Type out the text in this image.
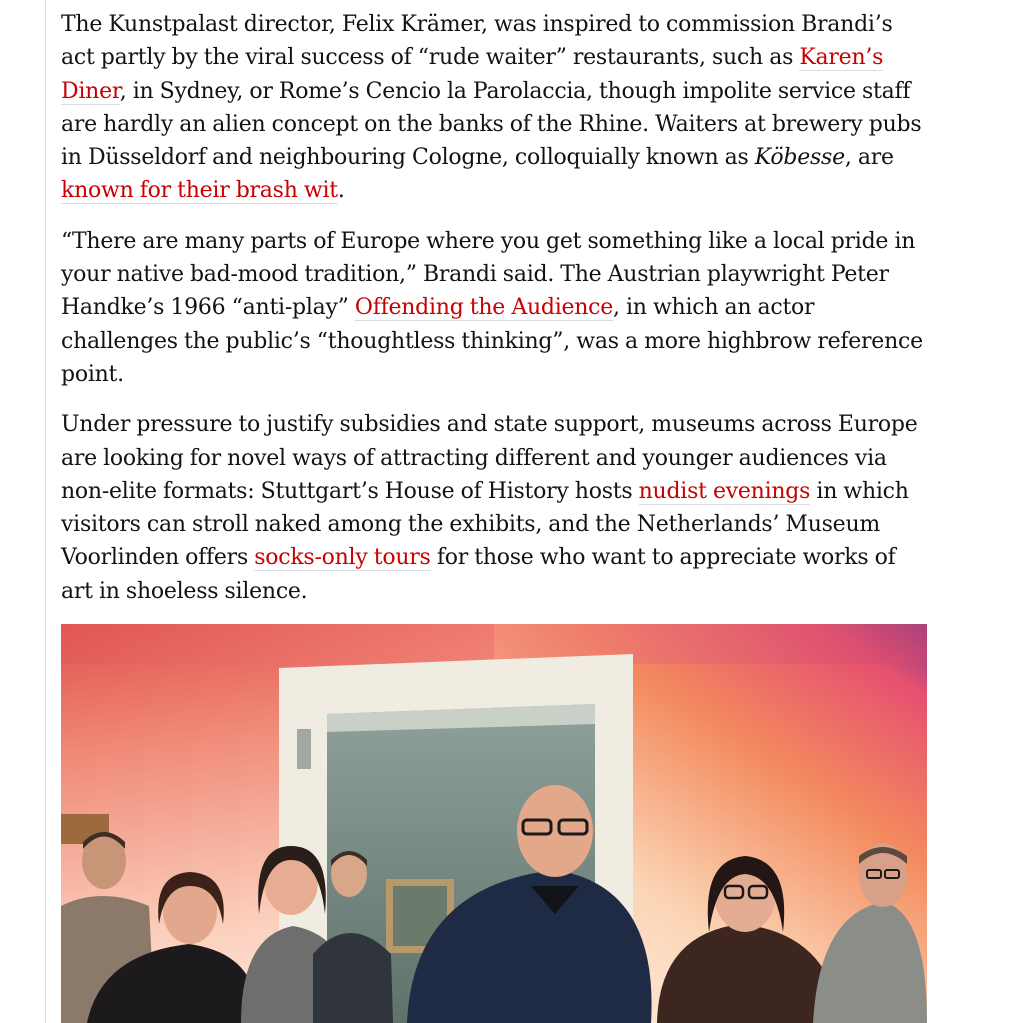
The Kunstpalast director, Felix Krämer, was inspired to commission Brandi’s act partly by the viral success of “rude waiter” restaurants, such as Karen’s Diner, in Sydney, or Rome’s Cencio la Parolaccia, though impolite service staff are hardly an alien concept on the banks of the Rhine. Waiters at brewery pubs in Düsseldorf and neighbouring Cologne, colloquially known as Köbesse, are known for their brash wit.

“There are many parts of Europe where you get something like a local pride in your native bad-mood tradition,” Brandi said. The Austrian playwright Peter Handke’s 1966 “anti-play” Offending the Audience, in which an actor challenges the public’s “thoughtless thinking”, was a more highbrow reference point.

Under pressure to justify subsidies and state support, museums across Europe are looking for novel ways of attracting different and younger audiences via non-elite formats: Stuttgart’s House of History hosts nudist evenings in which visitors can stroll naked among the exhibits, and the Netherlands’ Museum Voorlinden offers socks-only tours for those who want to appreciate works of art in shoeless silence.
